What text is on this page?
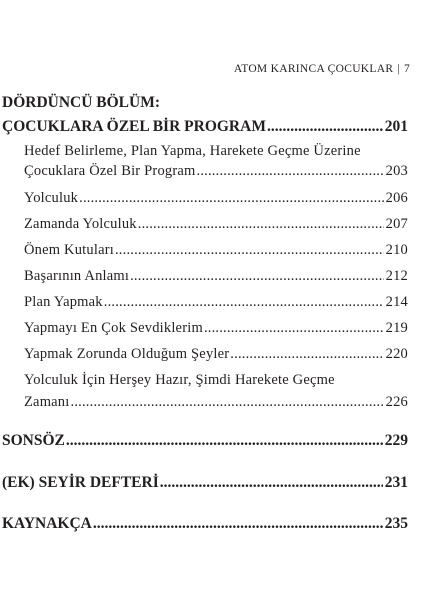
ATOM KARINCA ÇOCUKLAR | 7
DÖRDÜNCÜ BÖLÜM:
ÇOCUKLARA ÖZEL BİR PROGRAM .....	201
Hedef Belirleme, Plan Yapma, Harekete Geçme Üzerine
Çocuklara Özel Bir Program .....	203
Yolculuk .....	206
Zamanda Yolculuk .....	207
Önem Kutuları .....	210
Başarının Anlamı .....	212
Plan Yapmak .....	214
Yapmayı En Çok Sevdiklerim .....	219
Yapmak Zorunda Olduğum Şeyler .....	220
Yolculuk İçin Herşey Hazır, Şimdi Harekete Geçme
Zamanı .....	226
SONSÖZ .....	229
(EK) SEYİR DEFTERİ .....	231
KAYNAKÇA .....	235
